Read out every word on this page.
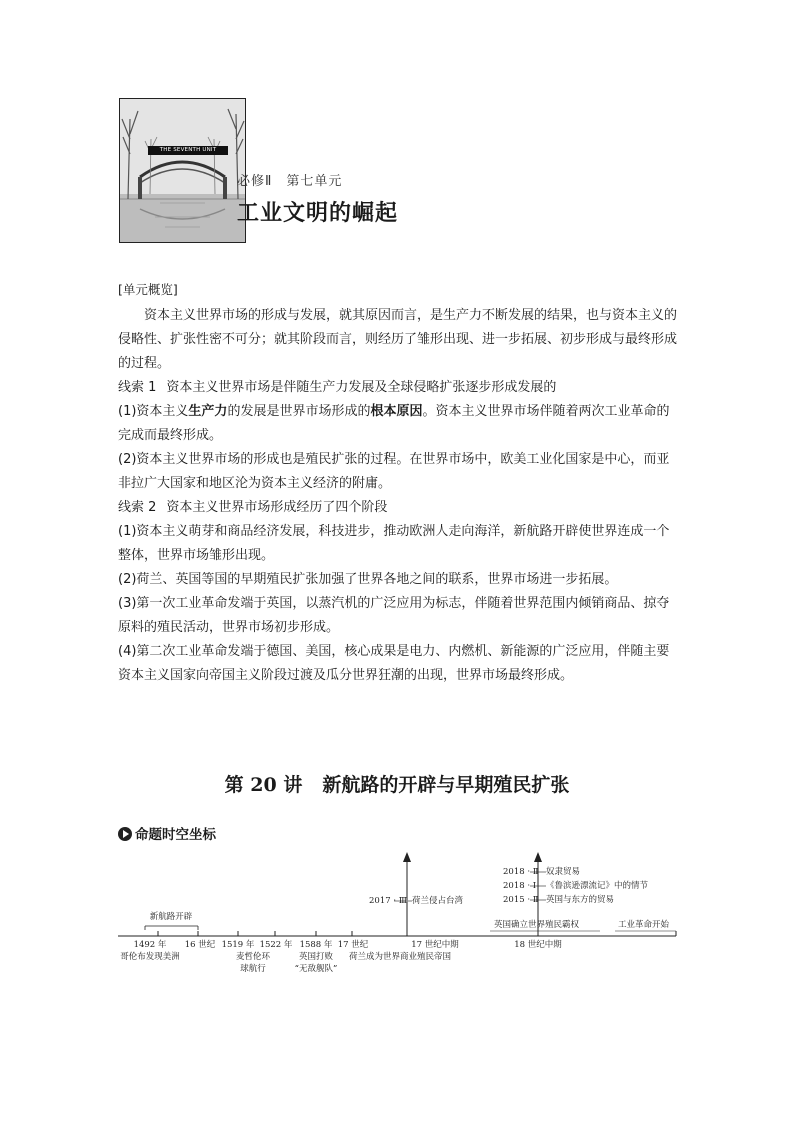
THE SEVENTH UNIT
必修Ⅱ　第七单元
工业文明的崛起

[单元概览]

资本主义世界市场的形成与发展，就其原因而言，是生产力不断发展的结果，也与资本主义的侵略性、扩张性密不可分；就其阶段而言，则经历了雏形出现、进一步拓展、初步形成与最终形成的过程。

线索 1 资本主义世界市场是伴随生产力发展及全球侵略扩张逐步形成发展的

(1)资本主义生产力的发展是世界市场形成的根本原因。资本主义世界市场伴随着两次工业革命的完成而最终形成。

(2)资本主义世界市场的形成也是殖民扩张的过程。在世界市场中，欧美工业化国家是中心，而亚非拉广大国家和地区沦为资本主义经济的附庸。

线索 2 资本主义世界市场形成经历了四个阶段

(1)资本主义萌芽和商品经济发展，科技进步，推动欧洲人走向海洋，新航路开辟使世界连成一个整体，世界市场雏形出现。

(2)荷兰、英国等国的早期殖民扩张加强了世界各地之间的联系，世界市场进一步拓展。

(3)第一次工业革命发端于英国，以蒸汽机的广泛应用为标志，伴随着世界范围内倾销商品、掠夺原料的殖民活动，世界市场初步形成。

(4)第二次工业革命发端于德国、美国，核心成果是电力、内燃机、新能源的广泛应用，伴随主要资本主义国家向帝国主义阶段过渡及瓜分世界狂潮的出现，世界市场最终形成。

第 20 讲 新航路的开辟与早期殖民扩张
命题时空坐标
新航路开辟
2017 · Ⅲ 荷兰侵占台湾
2018 · Ⅱ
2018 · Ⅰ
2015 · Ⅱ
奴隶贸易
《鲁滨逊漂流记》中的情节
英国与东方的贸易
英国确立世界殖民霸权	工业革命开始
1492 年
哥伦布发现美洲
16 世纪 1519 年
麦哲伦环
球航行
1522 年 1588 年
英国打败
“无敌舰队”
17 世纪
荷兰成为世界商业殖民帝国
17 世纪中期	18 世纪中期
